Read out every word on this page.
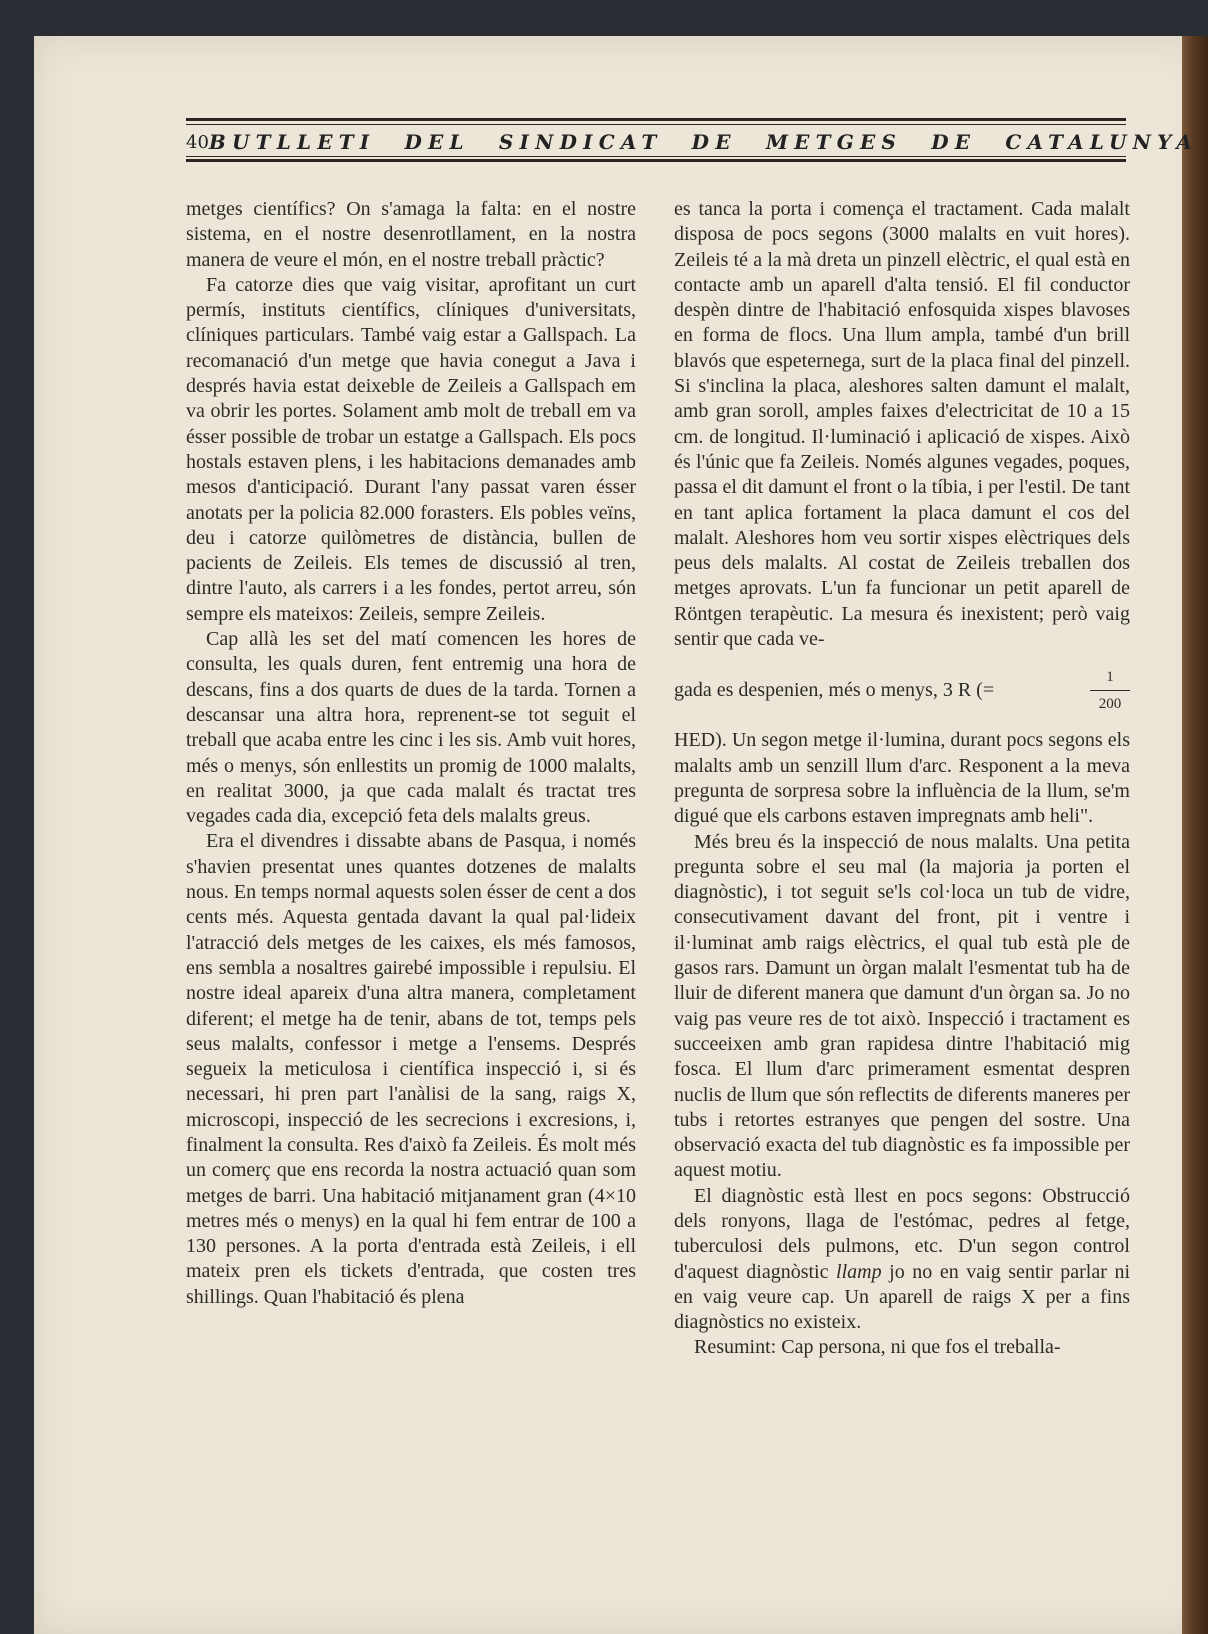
40 BUTLLETI DEL SINDICAT DE METGES DE CATALUNYA

metges científics? On s'amaga la falta: en el nostre sistema, en el nostre desenrotllament, en la nostra manera de veure el món, en el nostre treball pràctic?

Fa catorze dies que vaig visitar, aprofitant un curt permís, instituts científics, clíniques d'universitats, clíniques particulars. També vaig estar a Gallspach. La recomanació d'un metge que havia conegut a Java i després havia estat deixeble de Zeileis a Gallspach em va obrir les portes. Solament amb molt de treball em va ésser possible de trobar un estatge a Gallspach. Els pocs hostals estaven plens, i les habitacions demanades amb mesos d'anticipació. Durant l'any passat varen ésser anotats per la policia 82.000 forasters. Els pobles veïns, deu i catorze quilòmetres de distància, bullen de pacients de Zeileis. Els temes de discussió al tren, dintre l'auto, als carrers i a les fondes, pertot arreu, són sempre els mateixos: Zeileis, sempre Zeileis.

Cap allà les set del matí comencen les hores de consulta, les quals duren, fent entremig una hora de descans, fins a dos quarts de dues de la tarda. Tornen a descansar una altra hora, reprenent-se tot seguit el treball que acaba entre les cinc i les sis. Amb vuit hores, més o menys, són enllestits un promig de 1000 malalts, en realitat 3000, ja que cada malalt és tractat tres vegades cada dia, excepció feta dels malalts greus.

Era el divendres i dissabte abans de Pasqua, i només s'havien presentat unes quantes dotzenes de malalts nous. En temps normal aquests solen ésser de cent a dos cents més. Aquesta gentada davant la qual pal·lideix l'atracció dels metges de les caixes, els més famosos, ens sembla a nosaltres gairebé impossible i repulsiu. El nostre ideal apareix d'una altra manera, completament diferent; el metge ha de tenir, abans de tot, temps pels seus malalts, confessor i metge a l'ensems. Després segueix la meticulosa i científica inspecció i, si és necessari, hi pren part l'anàlisi de la sang, raigs X, microscopi, inspecció de les secrecions i excresions, i, finalment la consulta. Res d'això fa Zeileis. És molt més un comerç que ens recorda la nostra actuació quan som metges de barri. Una habitació mitjanament gran (4×10 metres més o menys) en la qual hi fem entrar de 100 a 130 persones. A la porta d'entrada està Zeileis, i ell mateix pren els tickets d'entrada, que costen tres shillings. Quan l'habitació és plena

es tanca la porta i comença el tractament. Cada malalt disposa de pocs segons (3000 malalts en vuit hores). Zeileis té a la mà dreta un pinzell elèctric, el qual està en contacte amb un aparell d'alta tensió. El fil conductor despèn dintre de l'habitació enfosquida xispes blavoses en forma de flocs. Una llum ampla, també d'un brill blavós que espeternega, surt de la placa final del pinzell. Si s'inclina la placa, aleshores salten damunt el malalt, amb gran soroll, amples faixes d'electricitat de 10 a 15 cm. de longitud. Il·luminació i aplicació de xispes. Això és l'únic que fa Zeileis. Només algunes vegades, poques, passa el dit damunt el front o la tíbia, i per l'estil. De tant en tant aplica fortament la placa damunt el cos del malalt. Aleshores hom veu sortir xispes elèctriques dels peus dels malalts. Al costat de Zeileis treballen dos metges aprovats. L'un fa funcionar un petit aparell de Röntgen terapèutic. La mesura és inexistent; però vaig sentir que cada ve-

gada es despenien, més o menys, 3 R (=	$\frac{1}{200}$

HED). Un segon metge il·lumina, durant pocs segons els malalts amb un senzill llum d'arc. Responent a la meva pregunta de sorpresa sobre la influència de la llum, se'm digué que els carbons estaven impregnats amb heli".

Més breu és la inspecció de nous malalts. Una petita pregunta sobre el seu mal (la majoria ja porten el diagnòstic), i tot seguit se'ls col·loca un tub de vidre, consecutivament davant del front, pit i ventre i il·luminat amb raigs elèctrics, el qual tub està ple de gasos rars. Damunt un òrgan malalt l'esmentat tub ha de lluir de diferent manera que damunt d'un òrgan sa. Jo no vaig pas veure res de tot això. Inspecció i tractament es succeeixen amb gran rapidesa dintre l'habitació mig fosca. El llum d'arc primerament esmentat despren nuclis de llum que són reflectits de diferents maneres per tubs i retortes estranyes que pengen del sostre. Una observació exacta del tub diagnòstic es fa impossible per aquest motiu.

El diagnòstic està llest en pocs segons: Obstrucció dels ronyons, llaga de l'estómac, pedres al fetge, tuberculosi dels pulmons, etc. D'un segon control d'aquest diagnòstic llamp jo no en vaig sentir parlar ni en vaig veure cap. Un aparell de raigs X per a fins diagnòstics no existeix.

Resumint: Cap persona, ni que fos el treballa-
